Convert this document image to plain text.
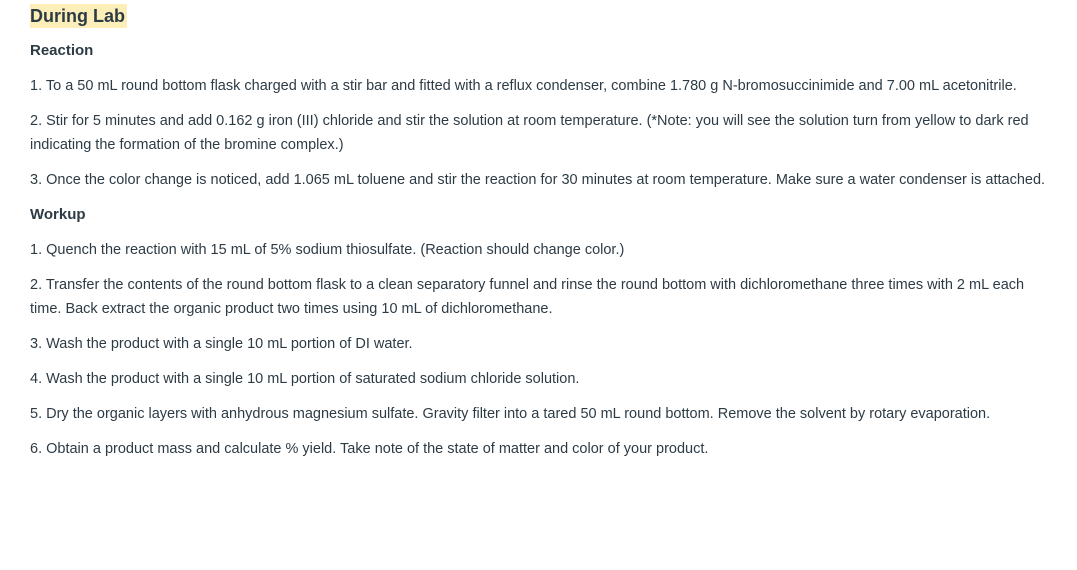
During Lab
Reaction

1. To a 50 mL round bottom flask charged with a stir bar and fitted with a reflux condenser, combine 1.780 g N-bromosuccinimide and 7.00 mL acetonitrile.

2. Stir for 5 minutes and add 0.162 g iron (III) chloride and stir the solution at room temperature. (*Note: you will see the solution turn from yellow to dark red indicating the formation of the bromine complex.)

3. Once the color change is noticed, add 1.065 mL toluene and stir the reaction for 30 minutes at room temperature. Make sure a water condenser is attached.

Workup

1. Quench the reaction with 15 mL of 5% sodium thiosulfate. (Reaction should change color.)

2. Transfer the contents of the round bottom flask to a clean separatory funnel and rinse the round bottom with dichloromethane three times with 2 mL each time. Back extract the organic product two times using 10 mL of dichloromethane.

3. Wash the product with a single 10 mL portion of DI water.

4. Wash the product with a single 10 mL portion of saturated sodium chloride solution.

5. Dry the organic layers with anhydrous magnesium sulfate. Gravity filter into a tared 50 mL round bottom. Remove the solvent by rotary evaporation.

6. Obtain a product mass and calculate % yield. Take note of the state of matter and color of your product.
